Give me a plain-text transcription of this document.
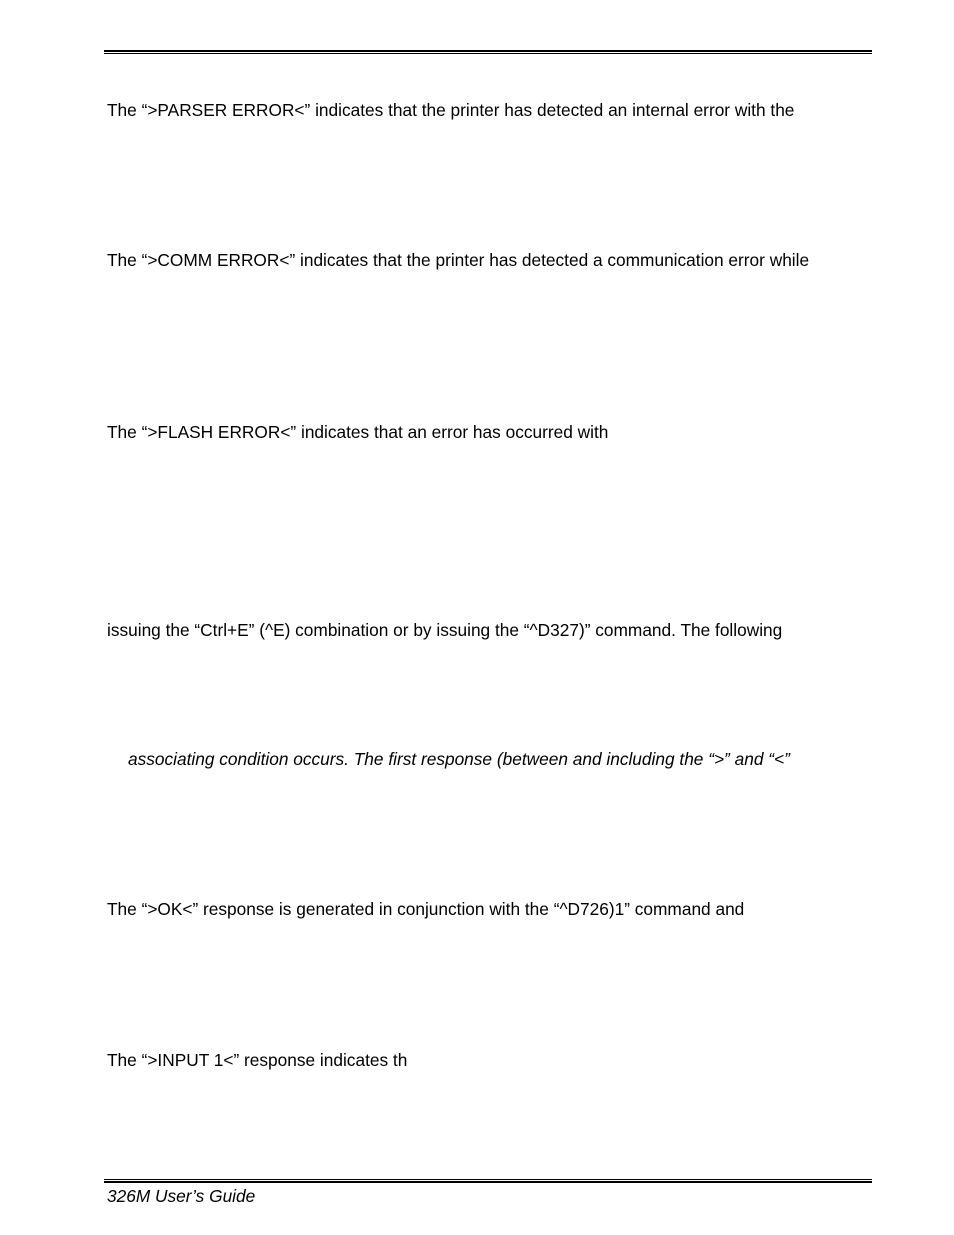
The “>PARSER ERROR<” indicates that the printer has detected an internal error with the
The “>COMM ERROR<” indicates that the printer has detected a communication error while
The “>FLASH ERROR<” indicates that an error has occurred with
issuing the “Ctrl+E” (^E) combination or by issuing the “^D327)” command. The following
associating condition occurs. The first response (between and including the “>” and “<”
The “>OK<” response is generated in conjunction with the “^D726)1” command and
The “>INPUT 1<” response indicates th
326M User’s Guide
